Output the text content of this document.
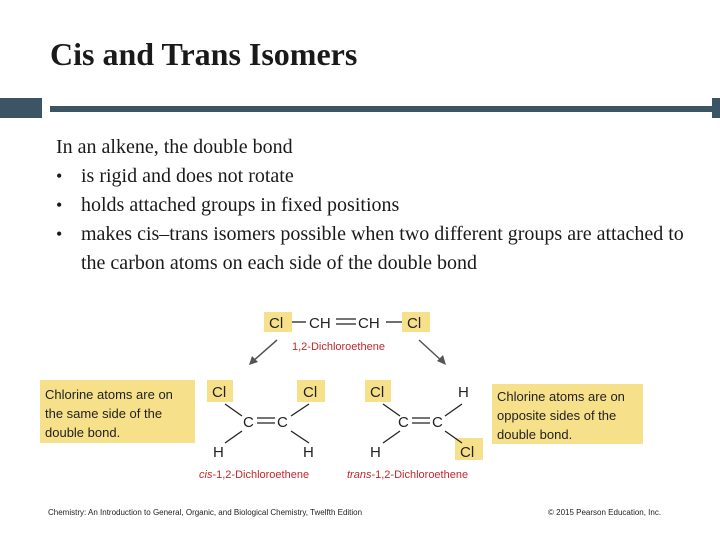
Cis and Trans Isomers
In an alkene, the double bond
• is rigid and does not rotate
• holds attached groups in fixed positions
• makes cis–trans isomers possible when two different groups are attached to the carbon atoms on each side of the double bond
Cl CH CH Cl
1,2-Dichloroethene
Chlorine atoms are on
the same side of the
double bond.
Chlorine atoms are on
opposite sides of the
double bond.
Cl	Cl
C C
H	H
cis-1,2-Dichloroethene
Cl	H
C C
H	Cl
trans-1,2-Dichloroethene
Chemistry: An Introduction to General, Organic, and Biological Chemistry, Twelfth Edition	© 2015 Pearson Education, Inc.
